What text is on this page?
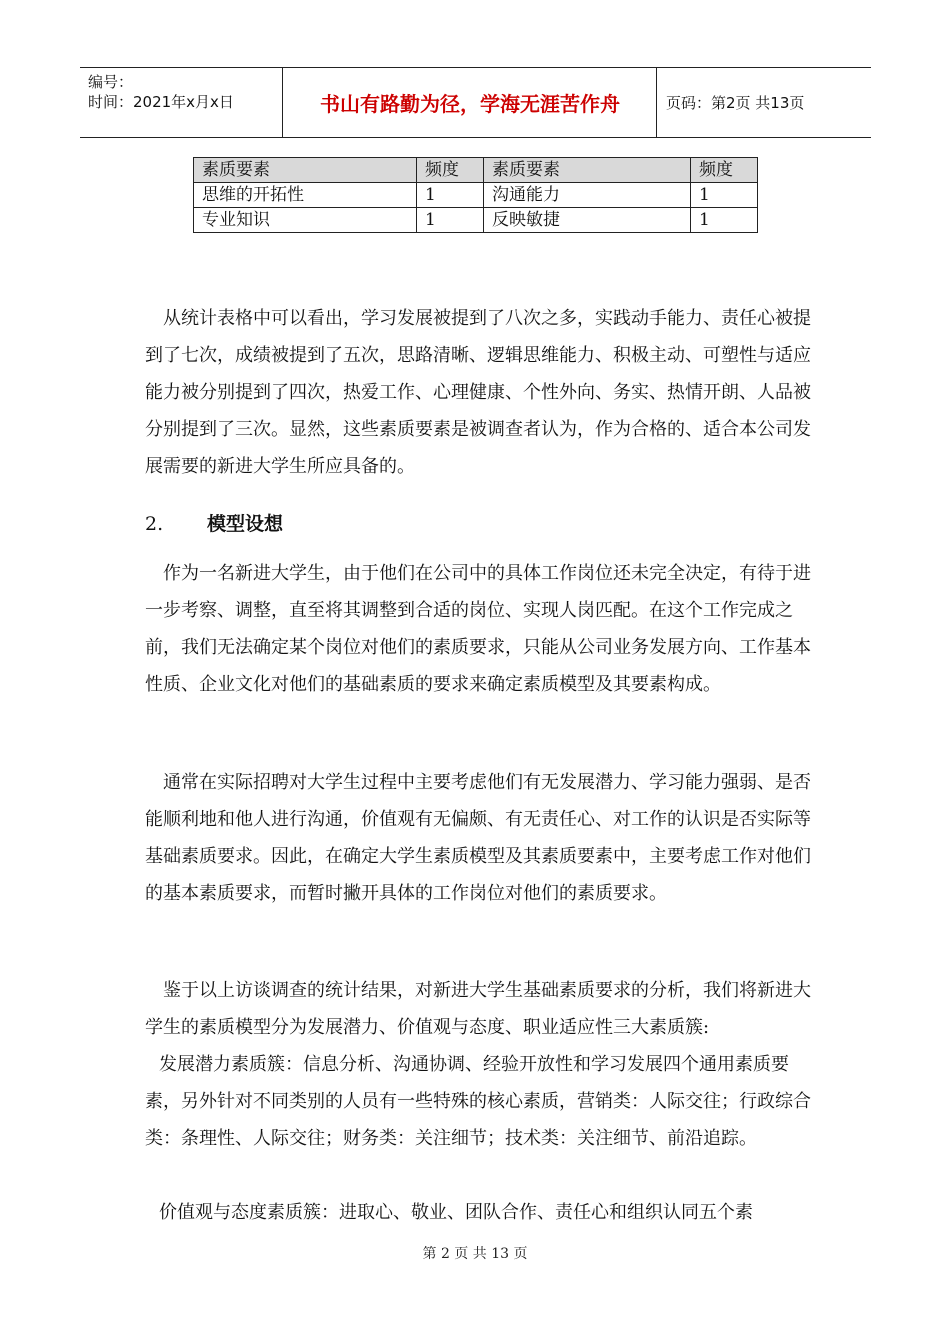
编号：
时间：2021年x月x日	书山有路勤为径，学海无涯苦作舟	页码：第2页 共13页
素质要素	频度	素质要素	频度
思维的开拓性	1	沟通能力	1
专业知识	1	反映敏捷	1

从统计表格中可以看出，学习发展被提到了八次之多，实践动手能力、责任心被提到了七次，成绩被提到了五次，思路清晰、逻辑思维能力、积极主动、可塑性与适应能力被分别提到了四次，热爱工作、心理健康、个性外向、务实、热情开朗、人品被分别提到了三次。显然，这些素质要素是被调查者认为，作为合格的、适合本公司发展需要的新进大学生所应具备的。

2. 模型设想

作为一名新进大学生，由于他们在公司中的具体工作岗位还未完全决定，有待于进一步考察、调整，直至将其调整到合适的岗位、实现人岗匹配。在这个工作完成之前，我们无法确定某个岗位对他们的素质要求，只能从公司业务发展方向、工作基本性质、企业文化对他们的基础素质的要求来确定素质模型及其要素构成。

通常在实际招聘对大学生过程中主要考虑他们有无发展潜力、学习能力强弱、是否能顺利地和他人进行沟通，价值观有无偏颇、有无责任心、对工作的认识是否实际等基础素质要求。因此，在确定大学生素质模型及其素质要素中，主要考虑工作对他们的基本素质要求，而暂时撇开具体的工作岗位对他们的素质要求。

鉴于以上访谈调查的统计结果，对新进大学生基础素质要求的分析，我们将新进大学生的素质模型分为发展潜力、价值观与态度、职业适应性三大素质簇:

发展潜力素质簇：信息分析、沟通协调、经验开放性和学习发展四个通用素质要素，另外针对不同类别的人员有一些特殊的核心素质，营销类：人际交往；行政综合类：条理性、人际交往；财务类：关注细节；技术类：关注细节、前沿追踪。

价值观与态度素质簇：进取心、敬业、团队合作、责任心和组织认同五个素

第 2 页 共 13 页
